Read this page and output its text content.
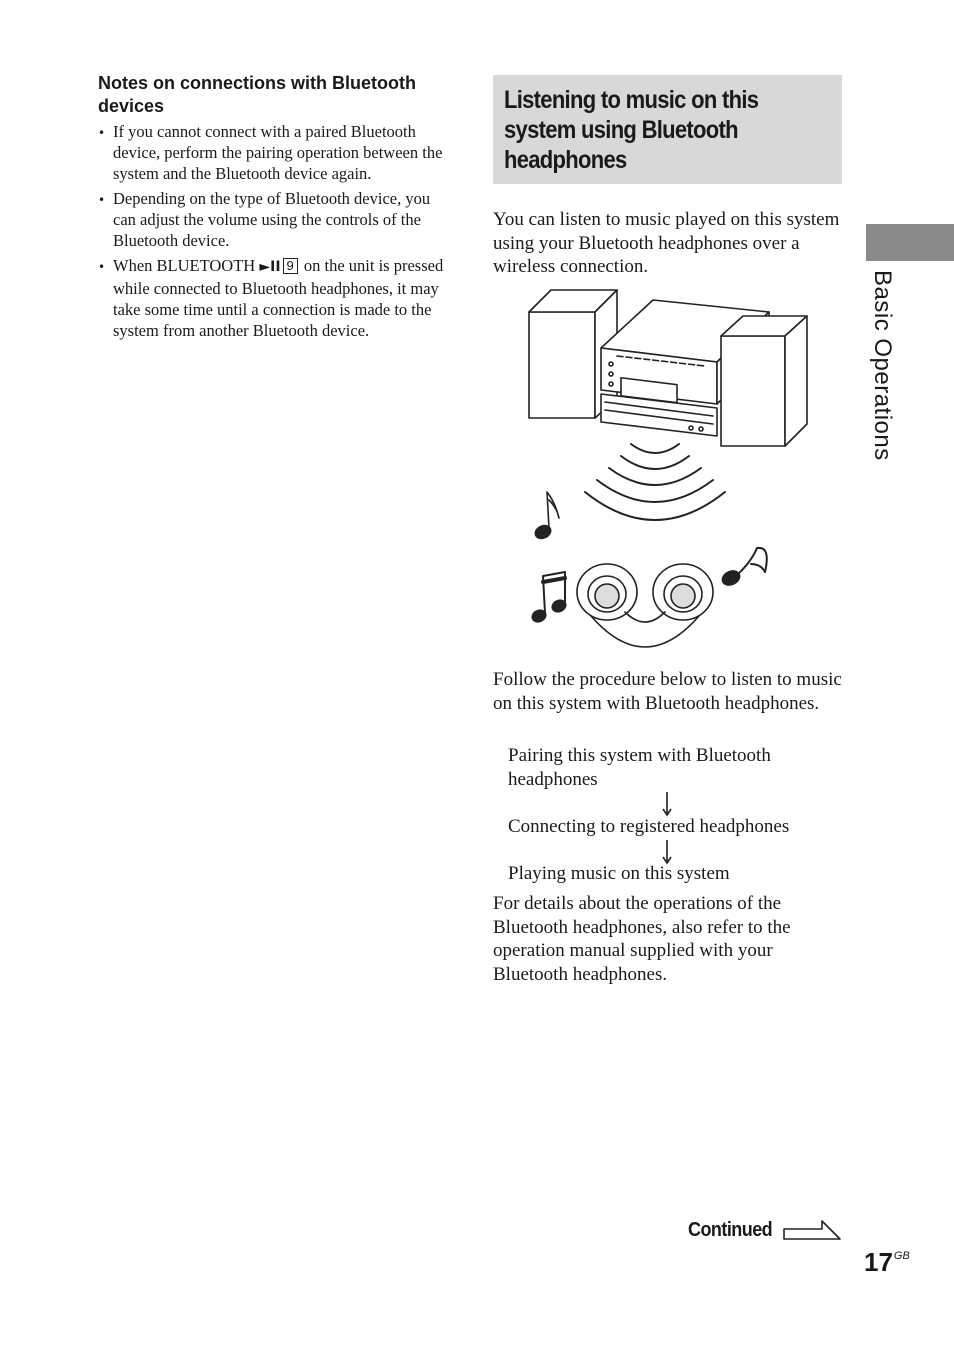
Notes on connections with Bluetooth devices
• If you cannot connect with a paired Bluetooth device, perform the pairing operation between the system and the Bluetooth device again.
• Depending on the type of Bluetooth device, you can adjust the volume using the controls of the Bluetooth device.
• When BLUETOOTH ►II 9 on the unit is pressed while connected to Bluetooth headphones, it may take some time until a connection is made to the system from another Bluetooth device.
Listening to music on this system using Bluetooth headphones
You can listen to music played on this system using your Bluetooth headphones over a wireless connection.
Follow the procedure below to listen to music on this system with Bluetooth headphones.
Pairing this system with Bluetooth headphones
Connecting to registered headphones
Playing music on this system
For details about the operations of the Bluetooth headphones, also refer to the operation manual supplied with your Bluetooth headphones.
Basic Operations
Continued
$17^{GB}$
